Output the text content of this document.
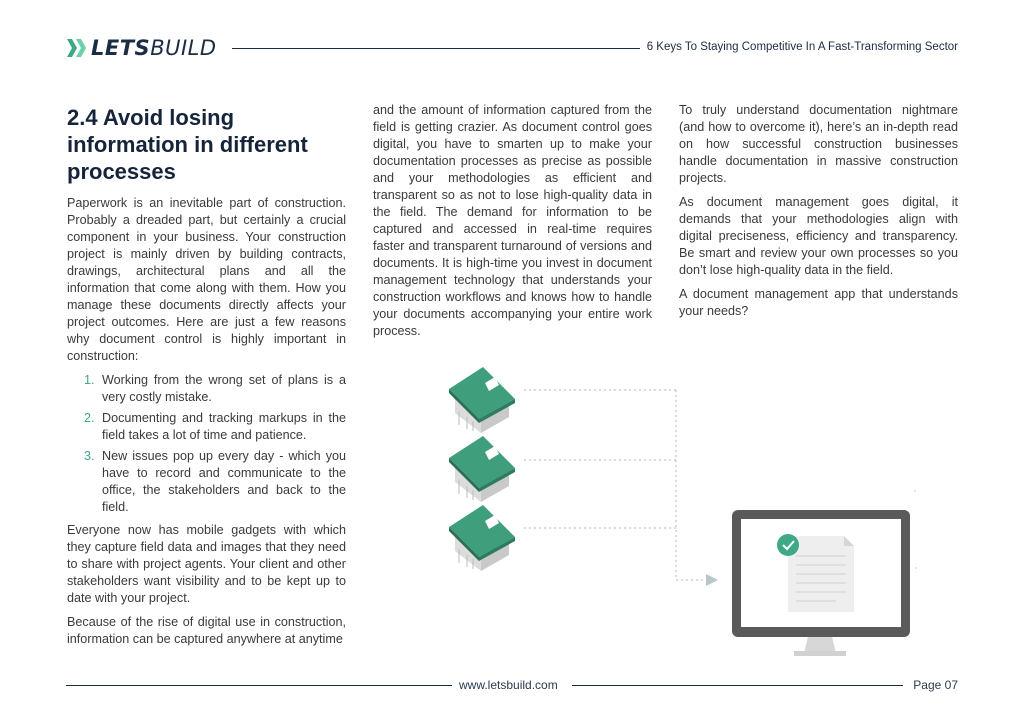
LETSBUILD	6 Keys To Staying Competitive In A Fast-Transforming Sector
2.4 Avoid losing information in different processes

Paperwork is an inevitable part of construction. Probably a dreaded part, but certainly a crucial component in your business. Your construction project is mainly driven by building contracts, drawings, architectural plans and all the information that come along with them. How you manage these documents directly affects your project outcomes. Here are just a few reasons why document control is highly important in construction:

1. Working from the wrong set of plans is a very costly mistake.
2. Documenting and tracking markups in the field takes a lot of time and patience.
3. New issues pop up every day - which you have to record and communicate to the office, the stakeholders and back to the field.

Everyone now has mobile gadgets with which they capture field data and images that they need to share with project agents. Your client and other stakeholders want visibility and to be kept up to date with your project.

Because of the rise of digital use in construction, information can be captured anywhere at anytime

and the amount of information captured from the field is getting crazier. As document control goes digital, you have to smarten up to make your documentation processes as precise as possible and your methodologies as efficient and transparent so as not to lose high-quality data in the field. The demand for information to be captured and accessed in real-time requires faster and transparent turnaround of versions and documents. It is high-time you invest in document management technology that understands your construction workflows and knows how to handle your documents accompanying your entire work process.

To truly understand documentation nightmare (and how to overcome it), here’s an in-depth read on how successful construction businesses handle documentation in massive construction projects.

As document management goes digital, it demands that your methodologies align with digital preciseness, efficiency and transparency. Be smart and review your own processes so you don’t lose high-quality data in the field.

A document management app that understands your needs?

www.letsbuild.com	Page 07
